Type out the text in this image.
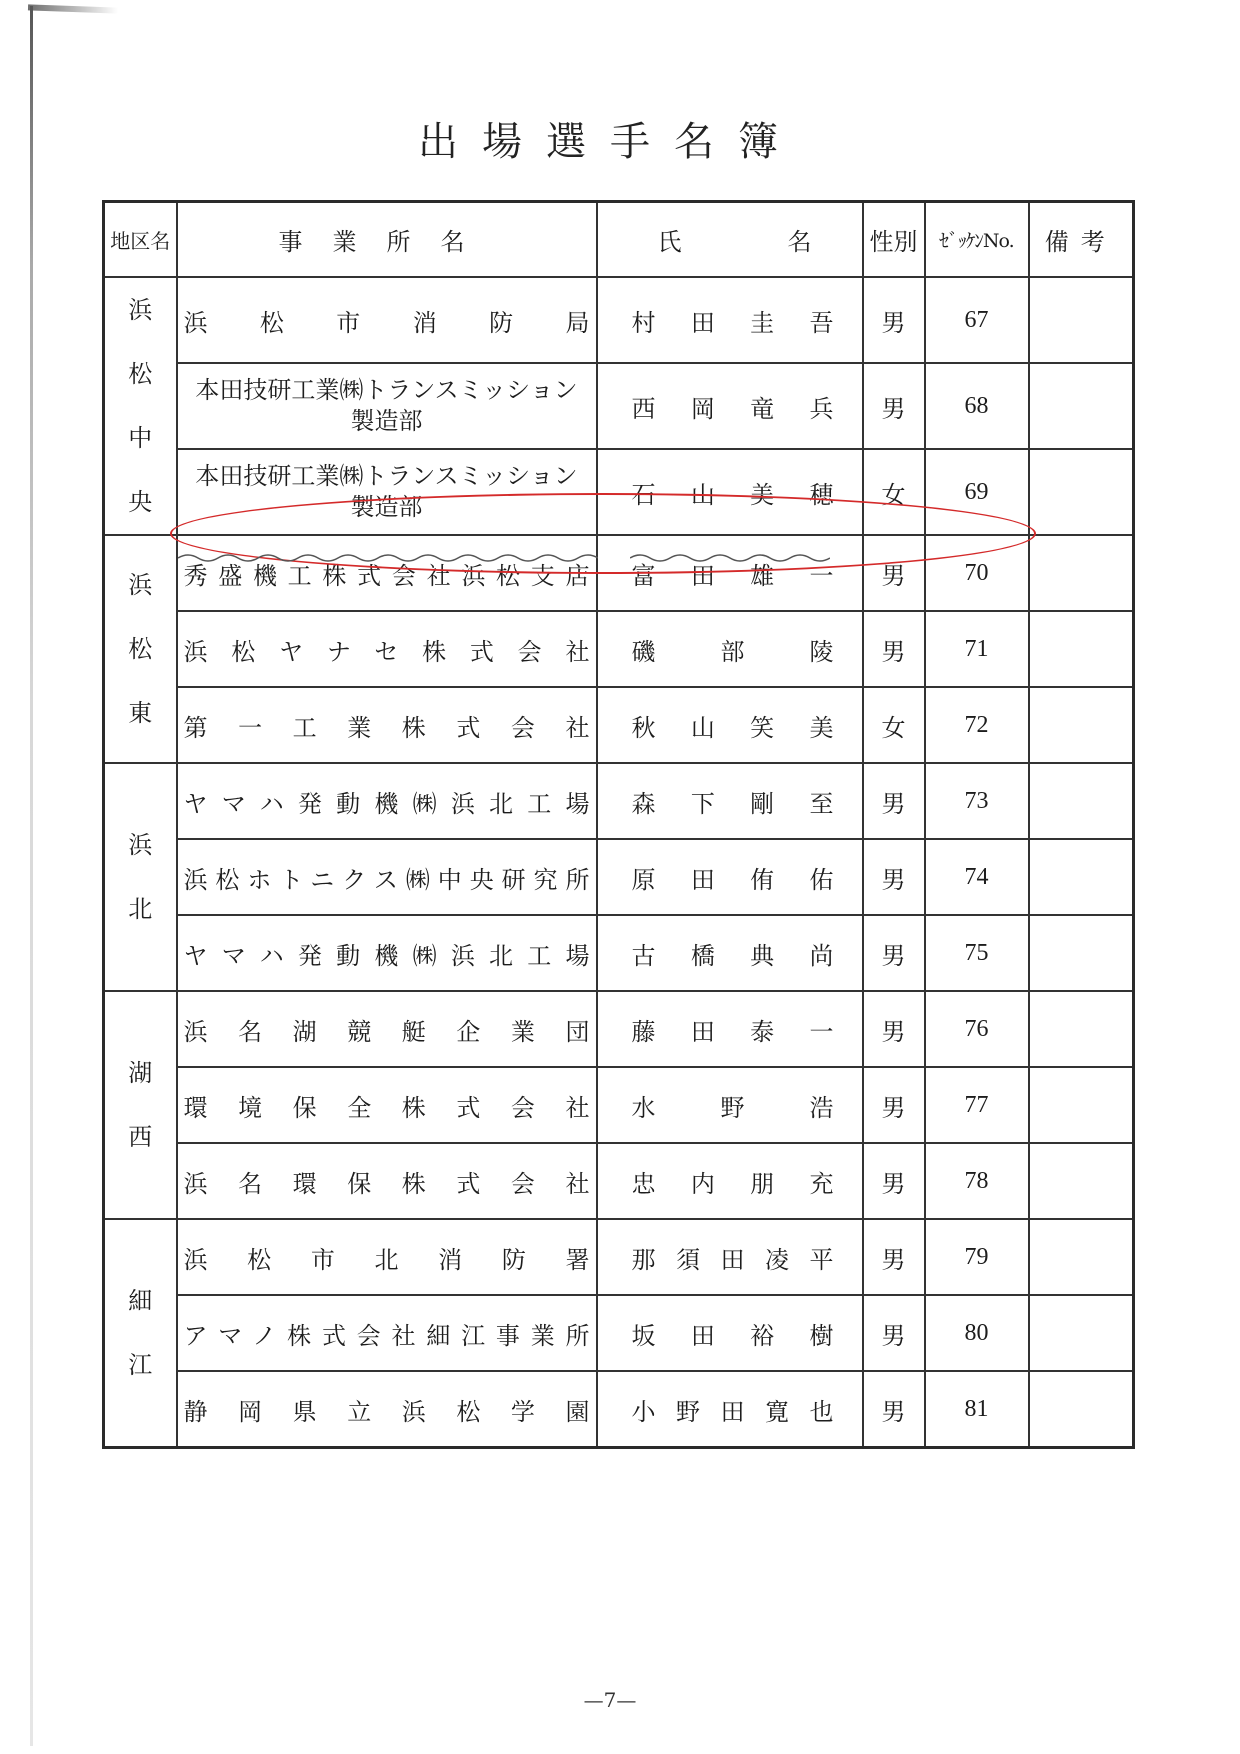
出場選手名簿
地区名	事業所名	氏名	性別	ｾﾞｯｹﾝNo.	備考

浜
松
中
央	浜松市消防局	村田圭吾	男	67	
	本田技研工業㈱トランスミッション製造部	西岡竜兵	男	68	
	本田技研工業㈱トランスミッション製造部	石山美穂	女	69	

浜
松
東	秀盛機工株式会社浜松支店	富田雄一	男	70	
	浜松ヤナセ株式会社	磯部陵	男	71	
	第一工業株式会社	秋山笑美	女	72	

浜
北	ヤマハ発動機㈱浜北工場	森下剛至	男	73	
	浜松ホトニクス㈱中央研究所	原田侑佑	男	74	
	ヤマハ発動機㈱浜北工場	古橋典尚	男	75	

湖
西	浜名湖競艇企業団	藤田泰一	男	76	
	環境保全株式会社	水野浩	男	77	
	浜名環保株式会社	忠内朋充	男	78	

細
江	浜松市北消防署	那須田凌平	男	79	
	アマノ株式会社細江事業所	坂田裕樹	男	80	
	静岡県立浜松学園	小野田寛也	男	81	
—7—
